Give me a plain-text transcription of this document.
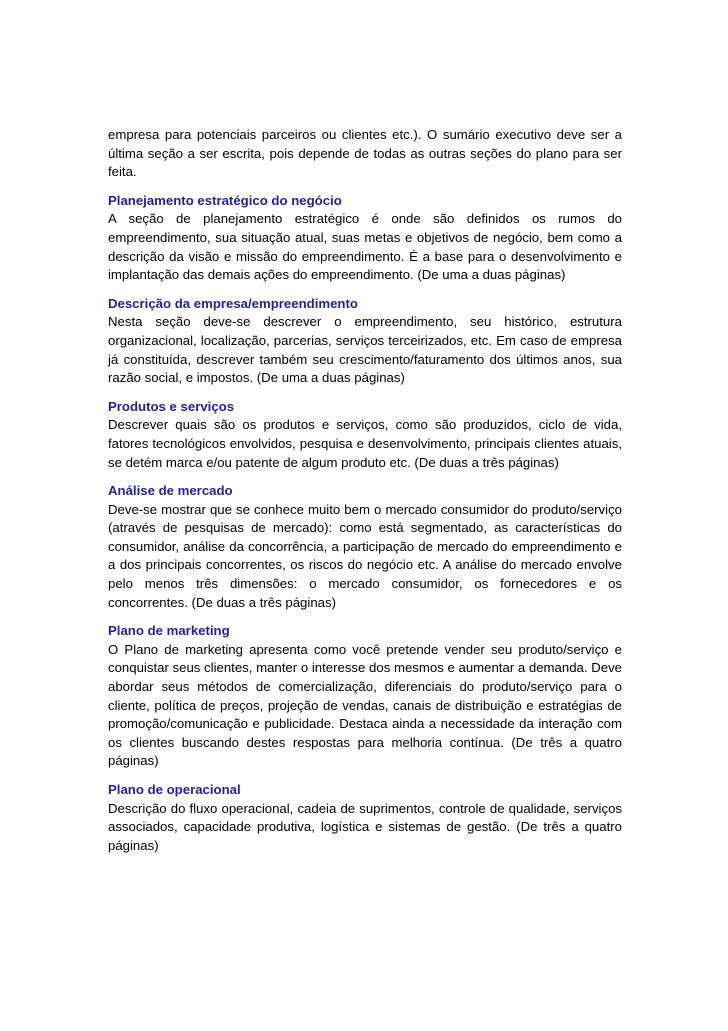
empresa para potenciais parceiros ou clientes etc.). O sumário executivo deve ser a última seção a ser escrita, pois depende de todas as outras seções do plano para ser feita.

Planejamento estratégico do negócio
A seção de planejamento estratégico é onde são definidos os rumos do empreendimento, sua situação atual, suas metas e objetivos de negócio, bem como a descrição da visão e missão do empreendimento. É a base para o desenvolvimento e implantação das demais ações do empreendimento. (De uma a duas páginas)
Descrição da empresa/empreendimento
Nesta seção deve-se descrever o empreendimento, seu histórico, estrutura organizacional, localização, parcerias, serviços terceirizados, etc. Em caso de empresa já constituída, descrever também seu crescimento/faturamento dos últimos anos, sua razão social, e impostos. (De uma a duas páginas)
Produtos e serviços
Descrever quais são os produtos e serviços, como são produzidos, ciclo de vida, fatores tecnológicos envolvidos, pesquisa e desenvolvimento, principais clientes atuais, se detém marca e/ou patente de algum produto etc. (De duas a três páginas)
Análise de mercado
Deve-se mostrar que se conhece muito bem o mercado consumidor do produto/serviço (através de pesquisas de mercado): como está segmentado, as características do consumidor, análise da concorrência, a participação de mercado do empreendimento e a dos principais concorrentes, os riscos do negócio etc. A análise do mercado envolve pelo menos três dimensões: o mercado consumidor, os fornecedores e os concorrentes. (De duas a três páginas)
Plano de marketing
O Plano de marketing apresenta como você pretende vender seu produto/serviço e conquistar seus clientes, manter o interesse dos mesmos e aumentar a demanda. Deve abordar seus métodos de comercialização, diferenciais do produto/serviço para o cliente, política de preços, projeção de vendas, canais de distribuição e estratégias de promoção/comunicação e publicidade. Destaca ainda a necessidade da interação com os clientes buscando destes respostas para melhoria contínua. (De três a quatro páginas)
Plano de operacional
Descrição do fluxo operacional, cadeia de suprimentos, controle de qualidade, serviços associados, capacidade produtiva, logística e sistemas de gestão. (De três a quatro páginas)
